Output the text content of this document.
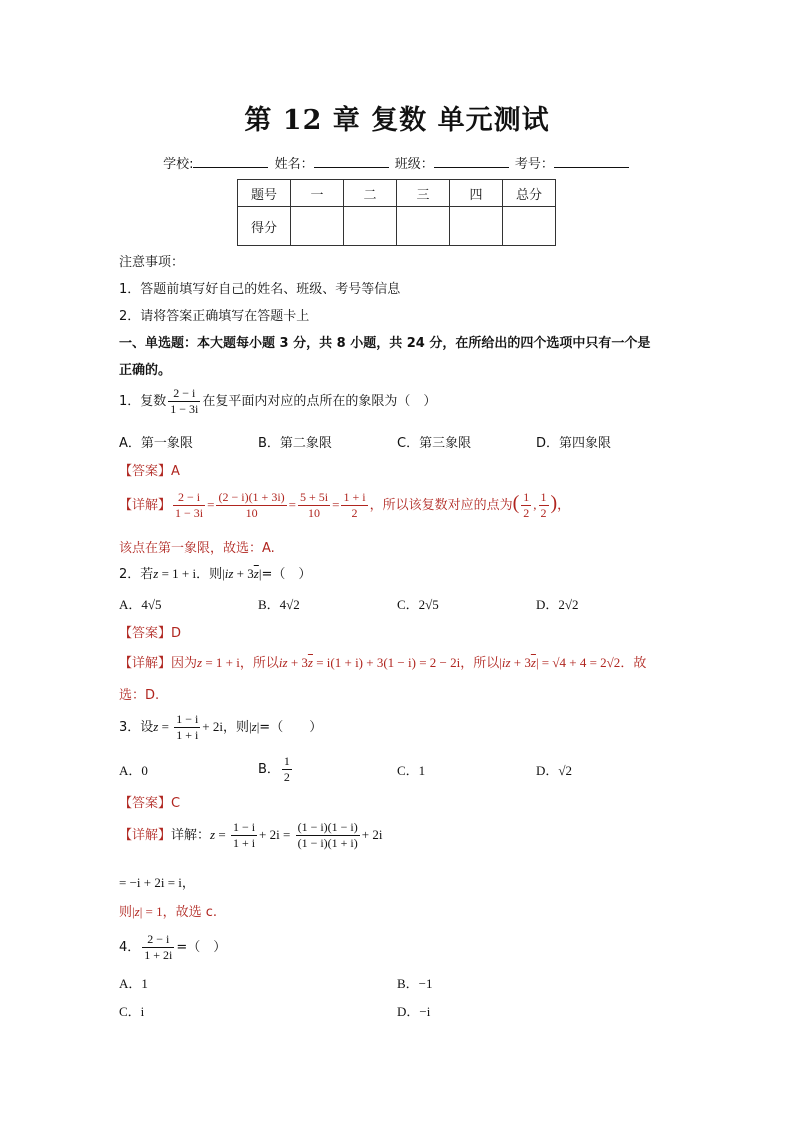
第 12 章 复数 单元测试
学校:	姓名：	班级：	考号：
题号	一	二	三	四	总分
得分					
注意事项：
1．答题前填写好自己的姓名、班级、考号等信息
2．请将答案正确填写在答题卡上
一、单选题：本大题每小题 3 分，共 8 小题，共 24 分，在所给出的四个选项中只有一个是
正确的。
1．复数 $\frac{2 - i}{1 - 3i}$ 在复平面内对应的点所在的象限为（　）
A．第一象限	B．第二象限	C．第三象限	D．第四象限
【答案】A
【详解】 $\frac{2 - i}{1 - 3i} = \frac{(2 - i)(1 + 3i)}{10} = \frac{5 + 5i}{10} = \frac{1 + i}{2}$ ，所以该复数对应的点为( $\frac{1}{2}$ , $\frac{1}{2}$ )，
该点在第一象限，故选：A.
2．若z = 1 + i．则$|iz + 3\overline{z}|=$（　）
A．4√5	B．4√2	C．2√5	D．2√2
【答案】D
【详解】因为z = 1 + i，所以iz + $3\overline{z} = i(1 + i) + 3(1 - i) = 2 - 2i$，所以$|iz + 3\overline{z}| = √4 + 4 = 2√2$．故
选：D.
3．设$z = \frac{1 - i}{1 + i} + 2i$，则|z|=（　　）
A．0	B． $\frac{1}{2}$	C．1	D．√2
【答案】C
【详解】详解：$z = \frac{1 - i}{1 + i} + 2i = \frac{(1 - i)(1 - i)}{(1 - i)(1 + i)} + 2i$
= −i + 2i = i，
则|z| = 1，故选 c.
4． $\frac{2 - i}{1 + 2i}$ =（　）
A．1	B．−1
C．i	D．−i
